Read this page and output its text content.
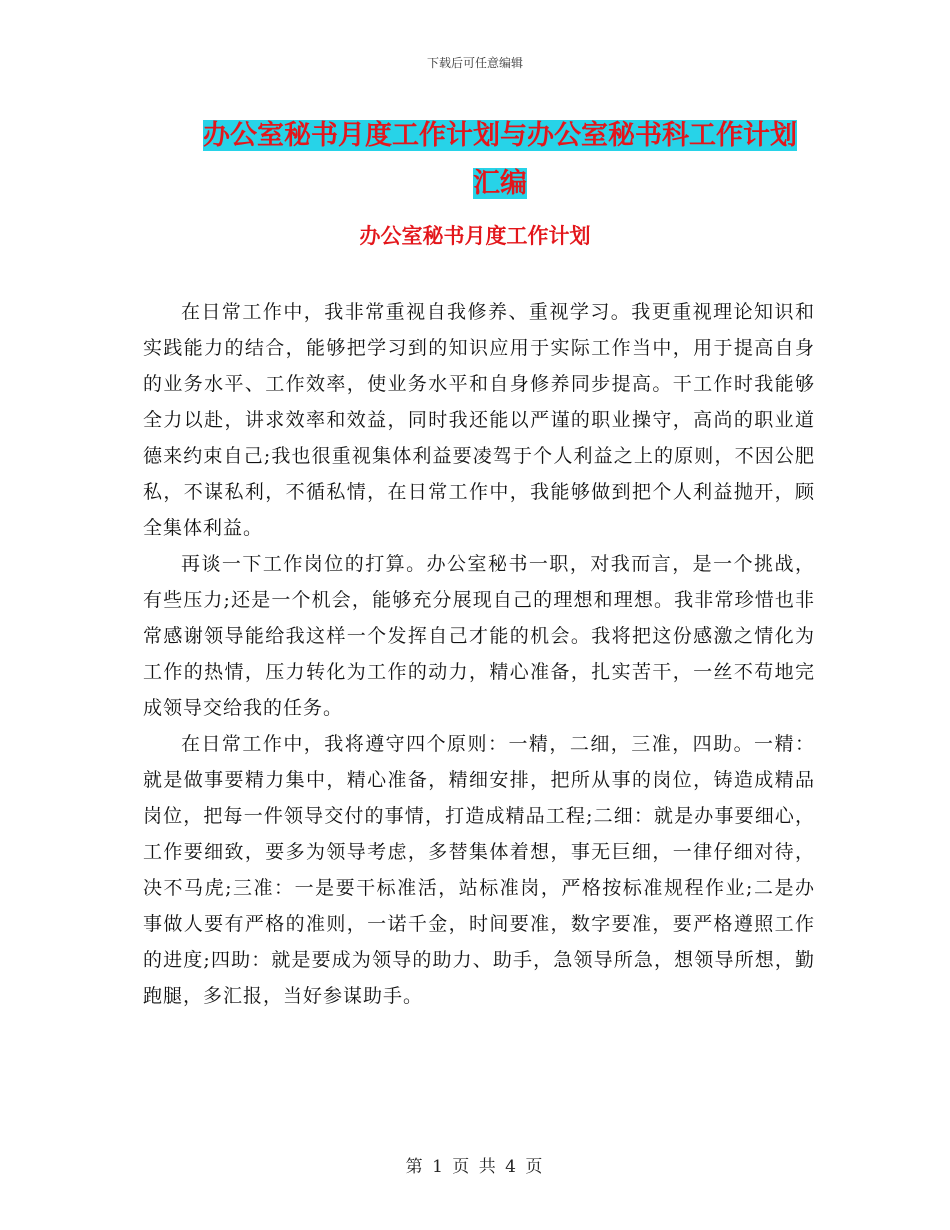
下载后可任意编辑
办公室秘书月度工作计划与办公室秘书科工作计划汇编
办公室秘书月度工作计划

在日常工作中，我非常重视自我修养、重视学习。我更重视理论知识和实践能力的结合，能够把学习到的知识应用于实际工作当中，用于提高自身的业务水平、工作效率，使业务水平和自身修养同步提高。干工作时我能够全力以赴，讲求效率和效益，同时我还能以严谨的职业操守，高尚的职业道德来约束自己;我也很重视集体利益要凌驾于个人利益之上的原则，不因公肥私，不谋私利，不循私情，在日常工作中，我能够做到把个人利益抛开，顾全集体利益。

再谈一下工作岗位的打算。办公室秘书一职，对我而言，是一个挑战，有些压力;还是一个机会，能够充分展现自己的理想和理想。我非常珍惜也非常感谢领导能给我这样一个发挥自己才能的机会。我将把这份感激之情化为工作的热情，压力转化为工作的动力，精心准备，扎实苦干，一丝不苟地完成领导交给我的任务。

在日常工作中，我将遵守四个原则：一精，二细，三准，四助。一精：就是做事要精力集中，精心准备，精细安排，把所从事的岗位，铸造成精品岗位，把每一件领导交付的事情，打造成精品工程;二细：就是办事要细心，工作要细致，要多为领导考虑，多替集体着想，事无巨细，一律仔细对待，决不马虎;三准：一是要干标准活，站标准岗，严格按标准规程作业;二是办事做人要有严格的准则，一诺千金，时间要准，数字要准，要严格遵照工作的进度;四助：就是要成为领导的助力、助手，急领导所急，想领导所想，勤跑腿，多汇报，当好参谋助手。

第 1 页 共 4 页
